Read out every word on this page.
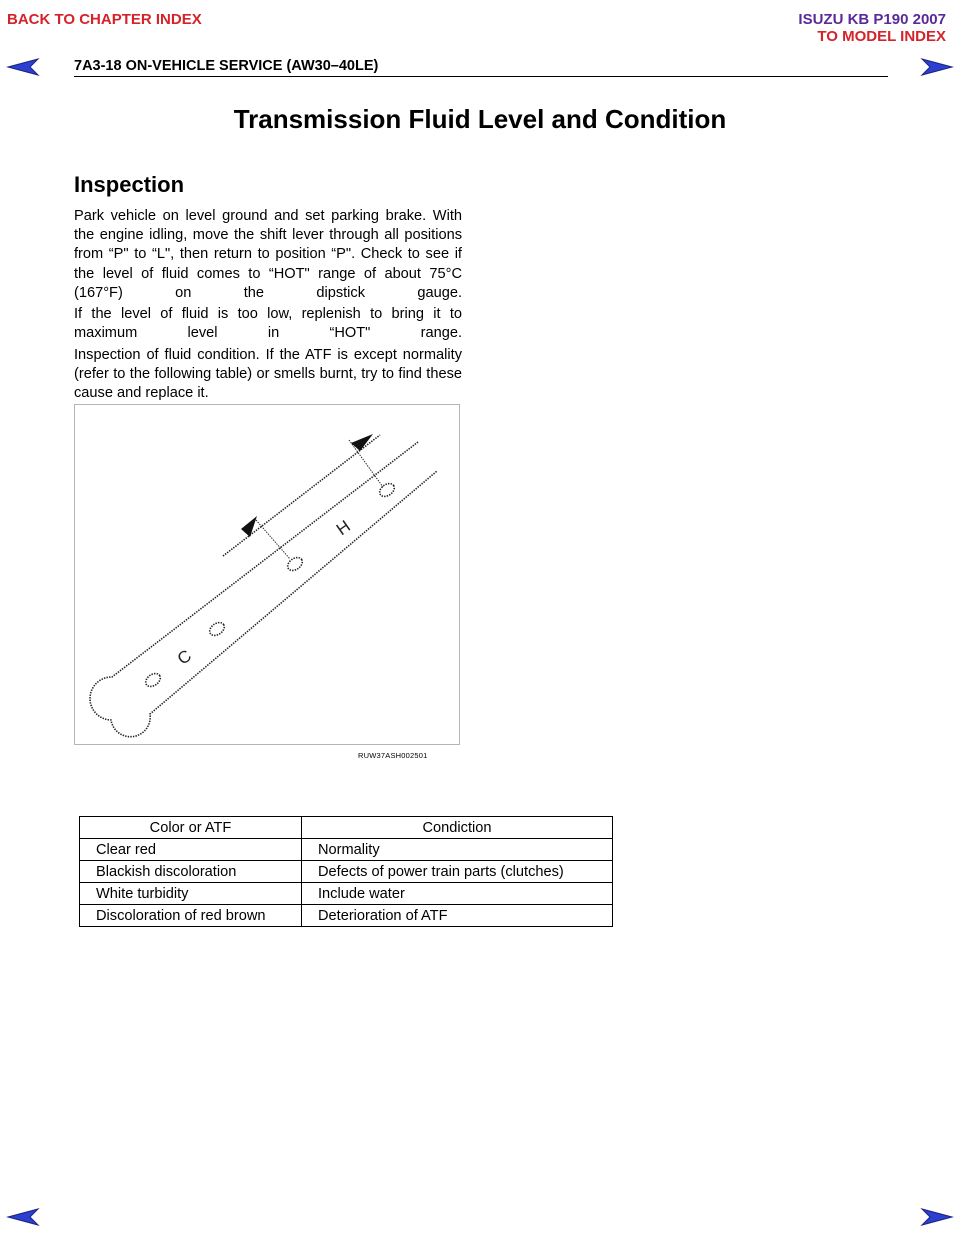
BACK TO CHAPTER INDEX	ISUZU KB P190 2007
TO MODEL INDEX
7A3-18 ON-VEHICLE SERVICE (AW30–40LE)
Transmission Fluid Level and Condition
Inspection
Park vehicle on level ground and set parking brake. With the engine idling, move the shift lever through all positions from “P" to “L", then return to position “P". Check to see if the level of fluid comes to “HOT" range of about 75°C (167°F) on the dipstick gauge.
If the level of fluid is too low, replenish to bring it to maximum level in “HOT" range.
Inspection of fluid condition. If the ATF is except normality (refer to the following table) or smells burnt, try to find these cause and replace it.
H
C
RUW37ASH002501
Color or ATF	Condiction
Clear red	Normality
Blackish discoloration	Defects of power train parts (clutches)
White turbidity	Include water
Discoloration of red brown	Deterioration of ATF
